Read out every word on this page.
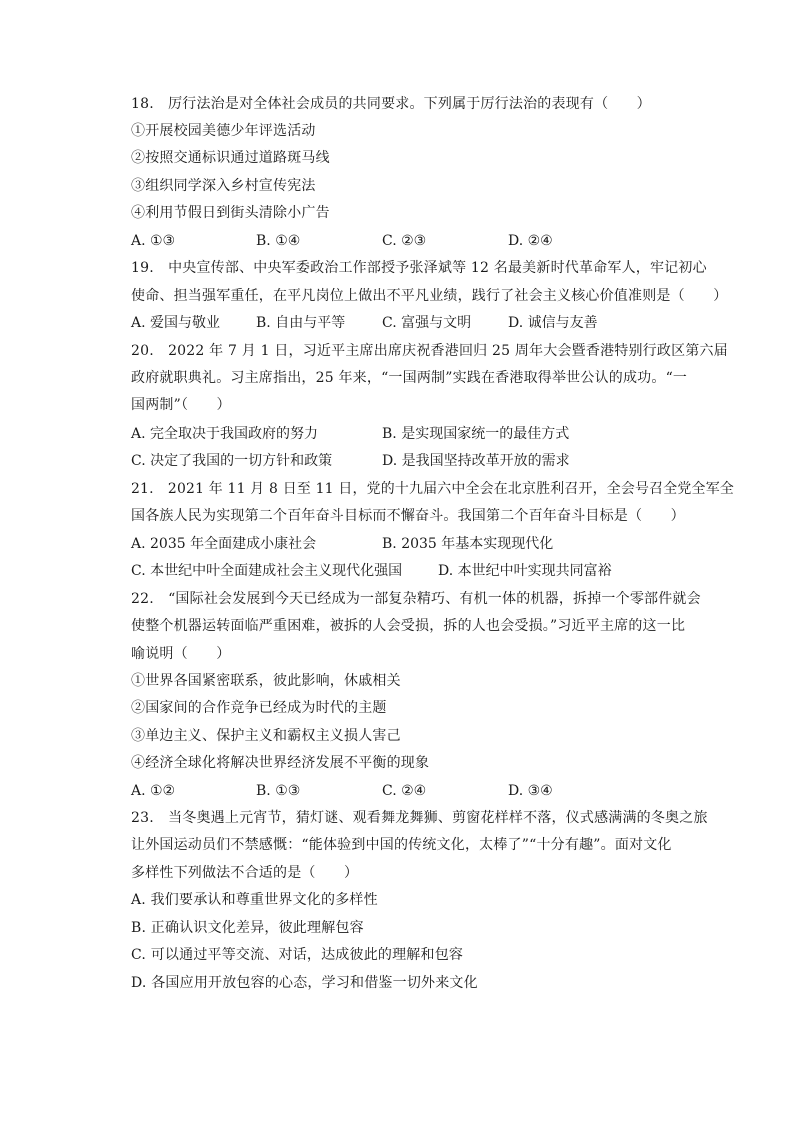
18.　厉行法治是对全体社会成员的共同要求。下列属于厉行法治的表现有（　　）
①开展校园美德少年评选活动
②按照交通标识通过道路斑马线
③组织同学深入乡村宣传宪法
④利用节假日到街头清除小广告
A. ①③	B. ①④	C. ②③	D. ②④
19.　中央宣传部、中央军委政治工作部授予张泽斌等 12 名最美新时代革命军人，牢记初心
使命、担当强军重任，在平凡岗位上做出不平凡业绩，践行了社会主义核心价值准则是（　　）
A. 爱国与敬业	B. 自由与平等	C. 富强与文明	D. 诚信与友善
20.　2022 年 7 月 1 日，习近平主席出席庆祝香港回归 25 周年大会暨香港特别行政区第六届
政府就职典礼。习主席指出，25 年来，“一国两制”实践在香港取得举世公认的成功。“一
国两制”（　　）
A. 完全取决于我国政府的努力	B. 是实现国家统一的最佳方式
C. 决定了我国的一切方针和政策	D. 是我国坚持改革开放的需求
21.　2021 年 11 月 8 日至 11 日，党的十九届六中全会在北京胜利召开，全会号召全党全军全
国各族人民为实现第二个百年奋斗目标而不懈奋斗。我国第二个百年奋斗目标是（　　）
A. 2035 年全面建成小康社会	B. 2035 年基本实现现代化
C. 本世纪中叶全面建成社会主义现代化强国	D. 本世纪中叶实现共同富裕
22.　“国际社会发展到今天已经成为一部复杂精巧、有机一体的机器，拆掉一个零部件就会
使整个机器运转面临严重困难，被拆的人会受损，拆的人也会受损。”习近平主席的这一比
喻说明（　　）
①世界各国紧密联系，彼此影响，休戚相关
②国家间的合作竞争已经成为时代的主题
③单边主义、保护主义和霸权主义损人害己
④经济全球化将解决世界经济发展不平衡的现象
A. ①②	B. ①③	C. ②④	D. ③④
23.　当冬奥遇上元宵节，猜灯谜、观看舞龙舞狮、剪窗花样样不落，仪式感满满的冬奥之旅
让外国运动员们不禁感慨：“能体验到中国的传统文化，太棒了”“十分有趣”。面对文化
多样性下列做法不合适的是（　　）
A. 我们要承认和尊重世界文化的多样性
B. 正确认识文化差异，彼此理解包容
C. 可以通过平等交流、对话，达成彼此的理解和包容
D. 各国应用开放包容的心态，学习和借鉴一切外来文化
